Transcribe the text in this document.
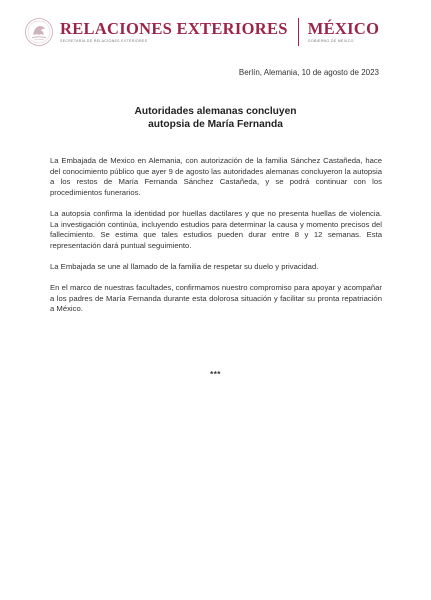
RELACIONES EXTERIORES
SECRETARÍA DE RELACIONES EXTERIORES
MÉXICO
GOBIERNO DE MÉXICO
Berlín, Alemania, 10 de agosto de 2023
Autoridades alemanas concluyen
autopsia de María Fernanda

La Embajada de Mexico en Alemania, con autorización de la familia Sánchez Castañeda, hace del conocimiento público que ayer 9 de agosto las autoridades alemanas concluyeron la autopsia a los restos de María Fernanda Sánchez Castañeda, y se podrá continuar con los procedimientos funerarios.

La autopsia confirma la identidad por huellas dactilares y que no presenta huellas de violencia. La investigación continúa, incluyendo estudios para determinar la causa y momento precisos del fallecimiento. Se estima que tales estudios pueden durar entre 8 y 12 semanas. Esta representación dará puntual seguimiento.

La Embajada se une al llamado de la familia de respetar su duelo y privacidad.

En el marco de nuestras facultades, confirmamos nuestro compromiso para apoyar y acompañar a los padres de María Fernanda durante esta dolorosa situación y facilitar su pronta repatriación a México.

***
